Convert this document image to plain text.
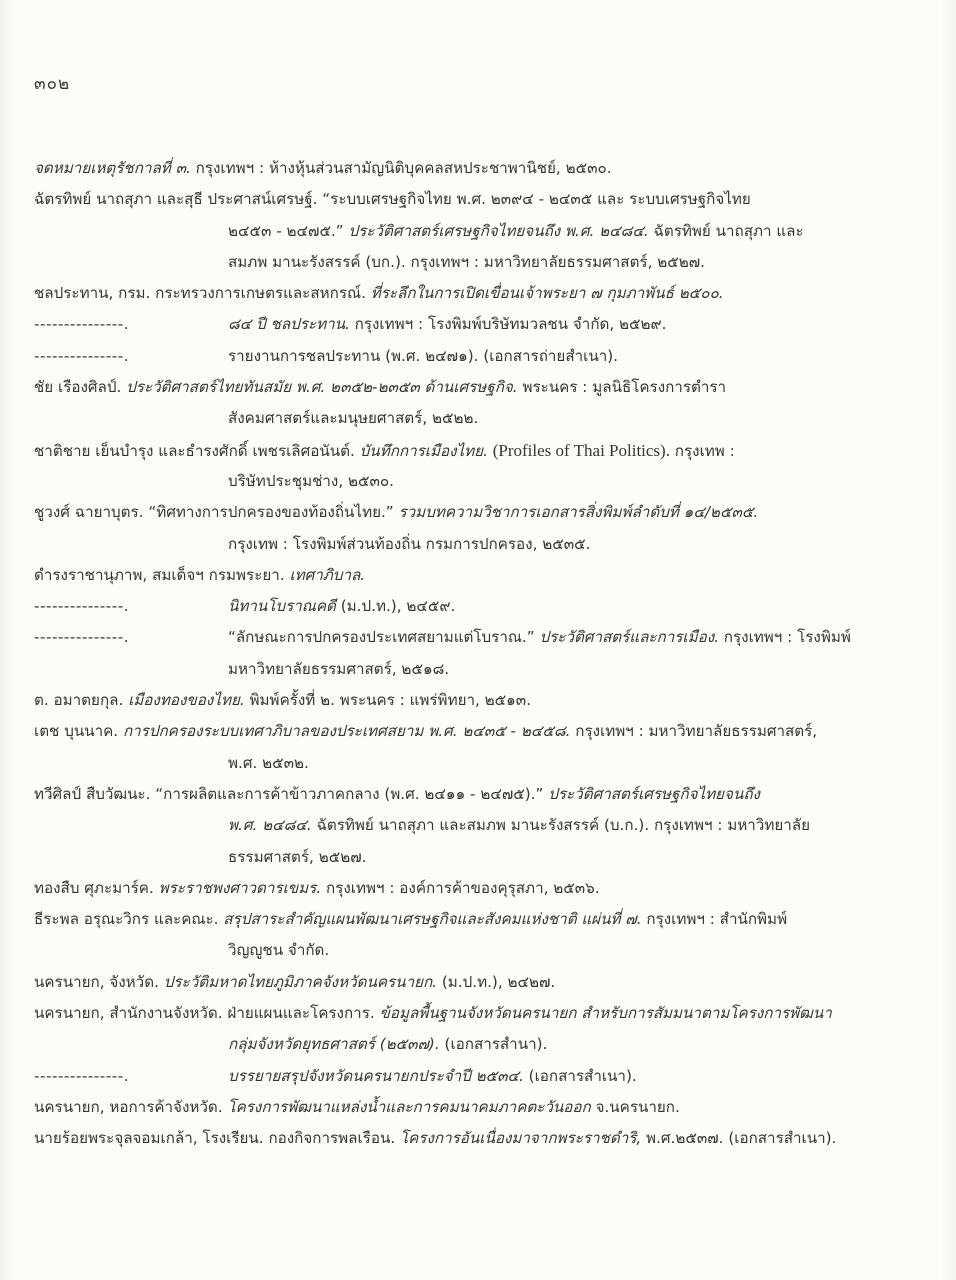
๓๐๒
จดหมายเหตุรัชกาลที่ ๓. กรุงเทพฯ : ห้างหุ้นส่วนสามัญนิติบุคคลสหประชาพานิชย์, ๒๕๓๐.
ฉัตรทิพย์ นาถสุภา และสุธี ประศาสน์เศรษฐ์. “ระบบเศรษฐกิจไทย พ.ศ. ๒๓๙๔ - ๒๔๓๕ และ ระบบเศรษฐกิจไทย
๒๔๕๓ - ๒๔๗๕.” ประวัติศาสตร์เศรษฐกิจไทยจนถึง พ.ศ. ๒๔๘๔. ฉัตรทิพย์ นาถสุภา และ
สมภพ มานะรังสรรค์ (บก.). กรุงเทพฯ : มหาวิทยาลัยธรรมศาสตร์, ๒๕๒๗.
ชลประทาน, กรม. กระทรวงการเกษตรและสหกรณ์. ที่ระลึกในการเปิดเขื่อนเจ้าพระยา ๗ กุมภาพันธ์ ๒๕๐๐.
---------------.	๘๔ ปี ชลประทาน. กรุงเทพฯ : โรงพิมพ์บริษัทมวลชน จำกัด, ๒๕๒๙.
---------------.	รายงานการชลประทาน (พ.ศ. ๒๔๗๑). (เอกสารถ่ายสำเนา).
ชัย เรืองศิลป์. ประวัติศาสตร์ไทยทันสมัย พ.ศ. ๒๓๕๒-๒๓๕๓ ด้านเศรษฐกิจ. พระนคร : มูลนิธิโครงการตำรา
สังคมศาสตร์และมนุษยศาสตร์, ๒๕๒๒.
ชาติชาย เย็นบำรุง และธำรงศักดิ์ เพชรเลิศอนันต์. บันทึกการเมืองไทย. (Profiles of Thai Politics). กรุงเทพ :
บริษัทประชุมช่าง, ๒๕๓๐.
ชูวงศ์ ฉายาบุตร. “ทิศทางการปกครองของท้องถิ่นไทย.” รวมบทความวิชาการเอกสารสิ่งพิมพ์ลำดับที่ ๑๔/๒๕๓๕.
กรุงเทพ : โรงพิมพ์ส่วนท้องถิ่น กรมการปกครอง, ๒๕๓๕.
ดำรงราชานุภาพ, สมเด็จฯ กรมพระยา. เทศาภิบาล.
---------------.	นิทานโบราณคดี (ม.ป.ท.), ๒๔๕๙.
---------------.	“ลักษณะการปกครองประเทศสยามแต่โบราณ.” ประวัติศาสตร์และการเมือง. กรุงเทพฯ : โรงพิมพ์
มหาวิทยาลัยธรรมศาสตร์, ๒๕๑๘.
ต. อมาตยกุล. เมืองทองของไทย. พิมพ์ครั้งที่ ๒. พระนคร : แพร่พิทยา, ๒๕๑๓.
เตช บุนนาค. การปกครองระบบเทศาภิบาลของประเทศสยาม พ.ศ. ๒๔๓๕ - ๒๔๕๘. กรุงเทพฯ : มหาวิทยาลัยธรรมศาสตร์,
พ.ศ. ๒๕๓๒.
ทวีศิลป์ สืบวัฒนะ. “การผลิตและการค้าข้าวภาคกลาง (พ.ศ. ๒๔๑๑ - ๒๔๗๕).” ประวัติศาสตร์เศรษฐกิจไทยจนถึง
พ.ศ. ๒๔๘๔. ฉัตรทิพย์ นาถสุภา และสมภพ มานะรังสรรค์ (บ.ก.). กรุงเทพฯ : มหาวิทยาลัย
ธรรมศาสตร์, ๒๕๒๗.
ทองสืบ ศุภะมาร์ค. พระราชพงศาวดารเขมร. กรุงเทพฯ : องค์การค้าของคุรุสภา, ๒๕๓๖.
ธีระพล อรุณะวิกร และคณะ. สรุปสาระสำคัญแผนพัฒนาเศรษฐกิจและสังคมแห่งชาติ แผ่นที่ ๗. กรุงเทพฯ : สำนักพิมพ์
วิญญูชน จำกัด.
นครนายก, จังหวัด. ประวัติมหาดไทยภูมิภาคจังหวัดนครนายก. (ม.ป.ท.), ๒๔๒๗.
นครนายก, สำนักงานจังหวัด. ฝ่ายแผนและโครงการ. ข้อมูลพื้นฐานจังหวัดนครนายก สำหรับการสัมมนาตามโครงการพัฒนา
กลุ่มจังหวัดยุทธศาสตร์ (๒๕๓๗). (เอกสารสำนา).
---------------.	บรรยายสรุปจังหวัดนครนายกประจำปี ๒๕๓๔. (เอกสารสำเนา).
นครนายก, หอการค้าจังหวัด. โครงการพัฒนาแหล่งน้ำและการคมนาคมภาคตะวันออก จ.นครนายก.
นายร้อยพระจุลจอมเกล้า, โรงเรียน. กองกิจการพลเรือน. โครงการอันเนื่องมาจากพระราชดำริ, พ.ศ.๒๕๓๗. (เอกสารสำเนา).
